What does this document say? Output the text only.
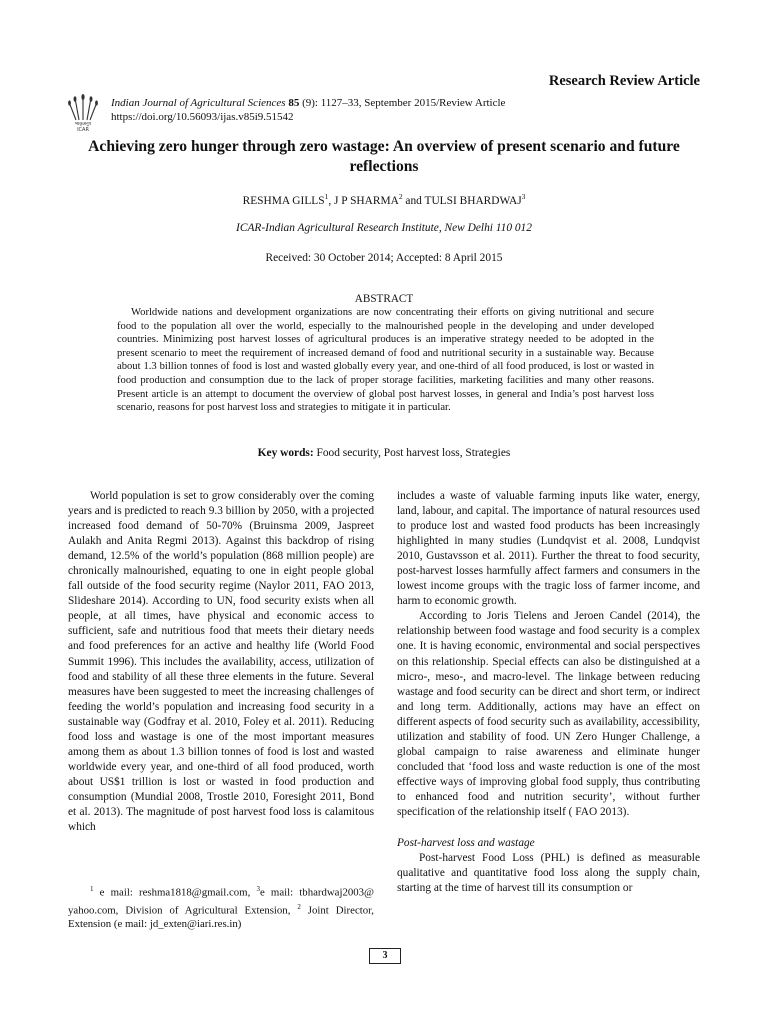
Research Review Article
भाकृअनुप
ICAR
Indian Journal of Agricultural Sciences 85 (9): 1127–33, September 2015/Review Article
https://doi.org/10.56093/ijas.v85i9.51542
Achieving zero hunger through zero wastage: An overview of present scenario and future reflections
RESHMA GILLS$^1$, J P SHARMA$^2$ and TULSI BHARDWAJ$^3$
ICAR-Indian Agricultural Research Institute, New Delhi 110 012
Received: 30 October 2014; Accepted: 8 April 2015
ABSTRACT
Worldwide nations and development organizations are now concentrating their efforts on giving nutritional and secure food to the population all over the world, especially to the malnourished people in the developing and under developed countries. Minimizing post harvest losses of agricultural produces is an imperative strategy needed to be adopted in the present scenario to meet the requirement of increased demand of food and nutritional security in a sustainable way. Because about 1.3 billion tonnes of food is lost and wasted globally every year, and one-third of all food produced, is lost or wasted in food production and consumption due to the lack of proper storage facilities, marketing facilities and many other reasons. Present article is an attempt to document the overview of global post harvest losses, in general and India’s post harvest loss scenario, reasons for post harvest loss and strategies to mitigate it in particular.
Key words: Food security, Post harvest loss, Strategies

World population is set to grow considerably over the coming years and is predicted to reach 9.3 billion by 2050, with a projected increased food demand of 50-70% (Bruinsma 2009, Jaspreet Aulakh and Anita Regmi 2013). Against this backdrop of rising demand, 12.5% of the world’s population (868 million people) are chronically malnourished, equating to one in eight people global fall outside of the food security regime (Naylor 2011, FAO 2013, Slideshare 2014). According to UN, food security exists when all people, at all times, have physical and economic access to sufficient, safe and nutritious food that meets their dietary needs and food preferences for an active and healthy life (World Food Summit 1996). This includes the availability, access, utilization of food and stability of all these three elements in the future. Several measures have been suggested to meet the increasing challenges of feeding the world’s population and increasing food security in a sustainable way (Godfray et al. 2010, Foley et al. 2011). Reducing food loss and wastage is one of the most important measures among them as about 1.3 billion tonnes of food is lost and wasted worldwide every year, and one-third of all food produced, worth about US$1 trillion is lost or wasted in food production and consumption (Mundial 2008, Trostle 2010, Foresight 2011, Bond et al. 2013). The magnitude of post harvest food loss is calamitous which

includes a waste of valuable farming inputs like water, energy, land, labour, and capital. The importance of natural resources used to produce lost and wasted food products has been increasingly highlighted in many studies (Lundqvist et al. 2008, Lundqvist 2010, Gustavsson et al. 2011). Further the threat to food security, post-harvest losses harmfully affect farmers and consumers in the lowest income groups with the tragic loss of farmer income, and harm to economic growth.

According to Joris Tielens and Jeroen Candel (2014), the relationship between food wastage and food security is a complex one. It is having economic, environmental and social perspectives on this relationship. Special effects can also be distinguished at a micro-, meso-, and macro-level. The linkage between reducing wastage and food security can be direct and short term, or indirect and long term. Additionally, actions may have an effect on different aspects of food security such as availability, accessibility, utilization and stability of food. UN Zero Hunger Challenge, a global campaign to raise awareness and eliminate hunger concluded that ‘food loss and waste reduction is one of the most effective ways of improving global food supply, thus contributing to enhanced food and nutrition security’, without further specification of the relationship itself ( FAO 2013).

Post-harvest loss and wastage

Post-harvest Food Loss (PHL) is defined as measurable qualitative and quantitative food loss along the supply chain, starting at the time of harvest till its consumption or

$^1$ e mail: reshma1818@gmail.com, $^3$e mail: tbhardwaj2003@ yahoo.com, Division of Agricultural Extension, $^2$ Joint Director, Extension (e mail: jd_exten@iari.res.in)
3
